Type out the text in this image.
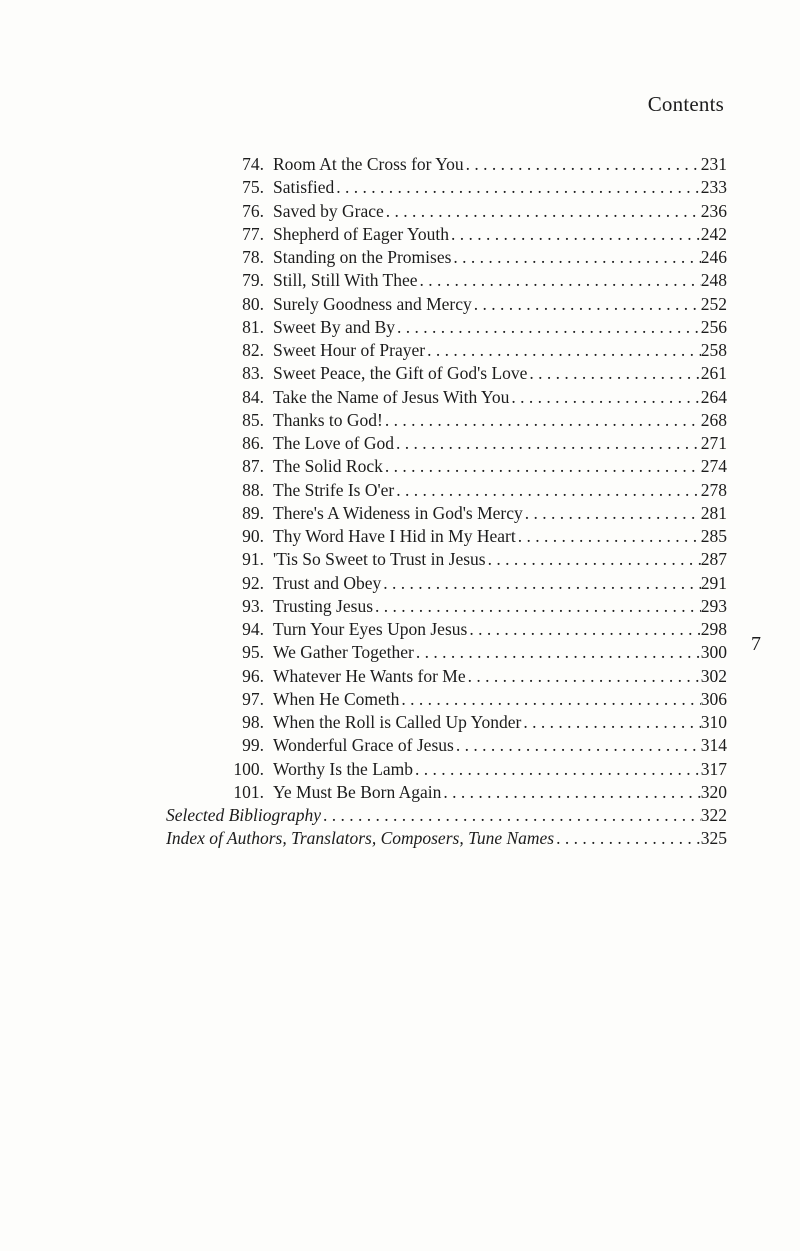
Contents
74. Room At the Cross for You . . .	231
75. Satisfied . . .	233
76. Saved by Grace . . .	236
77. Shepherd of Eager Youth . . .	242
78. Standing on the Promises . . .	246
79. Still, Still With Thee . . .	248
80. Surely Goodness and Mercy . . .	252
81. Sweet By and By . . .	256
82. Sweet Hour of Prayer . . .	258
83. Sweet Peace, the Gift of God's Love . . .	261
84. Take the Name of Jesus With You . . .	264
85. Thanks to God! . . .	268
86. The Love of God . . .	271
87. The Solid Rock . . .	274
88. The Strife Is O'er . . .	278
89. There's A Wideness in God's Mercy . . .	281
90. Thy Word Have I Hid in My Heart . . .	285
91. 'Tis So Sweet to Trust in Jesus . . .	287
92. Trust and Obey . . .	291
93. Trusting Jesus . . .	293
94. Turn Your Eyes Upon Jesus . . .	298
95. We Gather Together . . .	300
96. Whatever He Wants for Me . . .	302
97. When He Cometh . . .	306
98. When the Roll is Called Up Yonder . . .	310
99. Wonderful Grace of Jesus . . .	314
100. Worthy Is the Lamb . . .	317
101. Ye Must Be Born Again . . .	320
Selected Bibliography . . .	322
Index of Authors, Translators, Composers, Tune Names . . .	325
7
